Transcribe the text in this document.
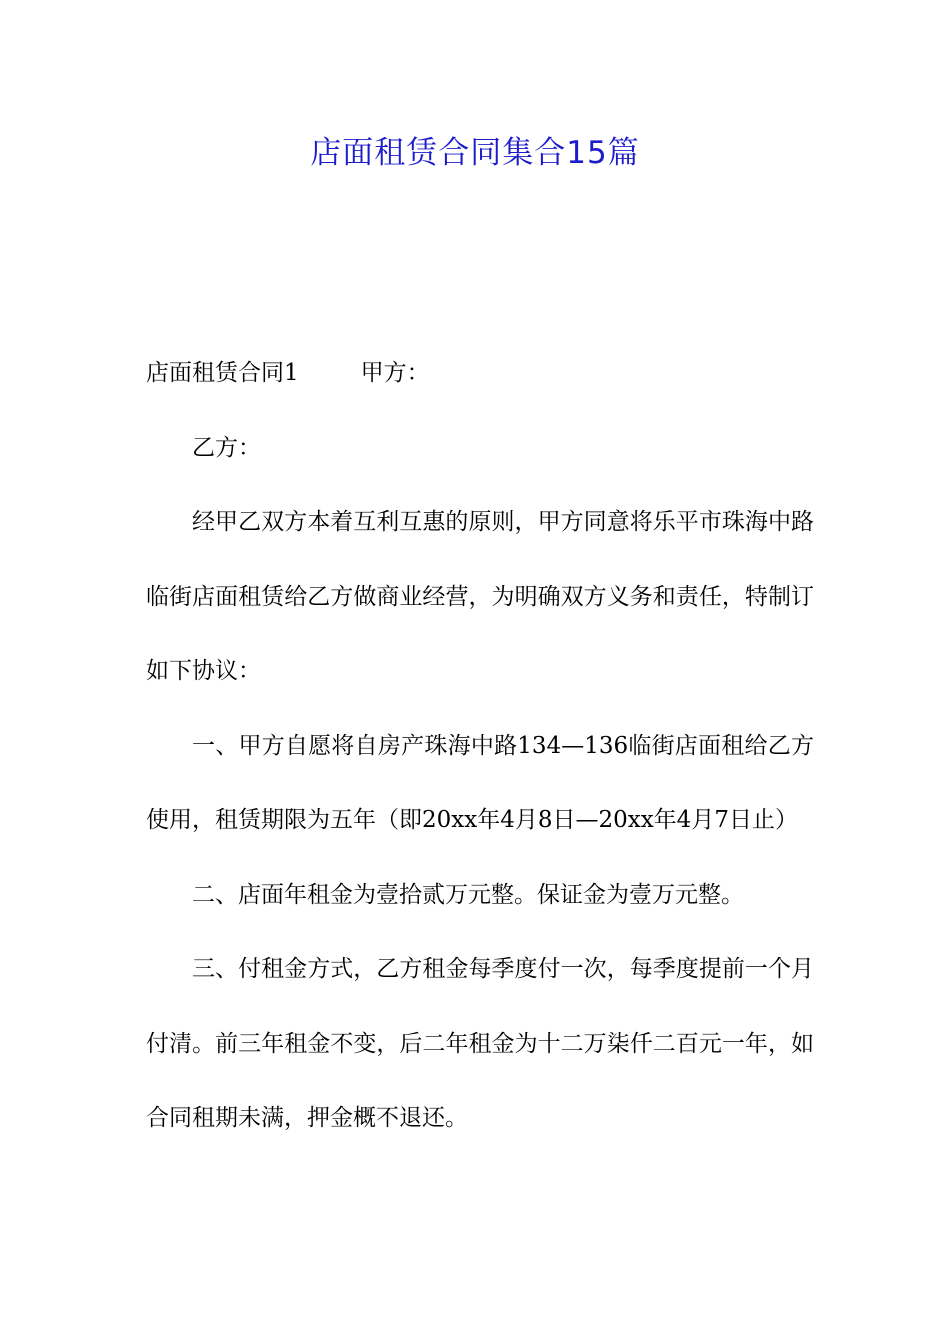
店面租赁合同集合15篇

店面租赁合同1	甲方：

乙方：

经甲乙双方本着互利互惠的原则，甲方同意将乐平市珠海中路临街店面租赁给乙方做商业经营，为明确双方义务和责任，特制订如下协议：

一、甲方自愿将自房产珠海中路134—136临街店面租给乙方使用，租赁期限为五年（即20xx年4月8日—20xx年4月7日止）

二、店面年租金为壹拾贰万元整。保证金为壹万元整。

三、付租金方式，乙方租金每季度付一次，每季度提前一个月付清。前三年租金不变，后二年租金为十二万柒仟二百元一年，如合同租期未满，押金概不退还。
